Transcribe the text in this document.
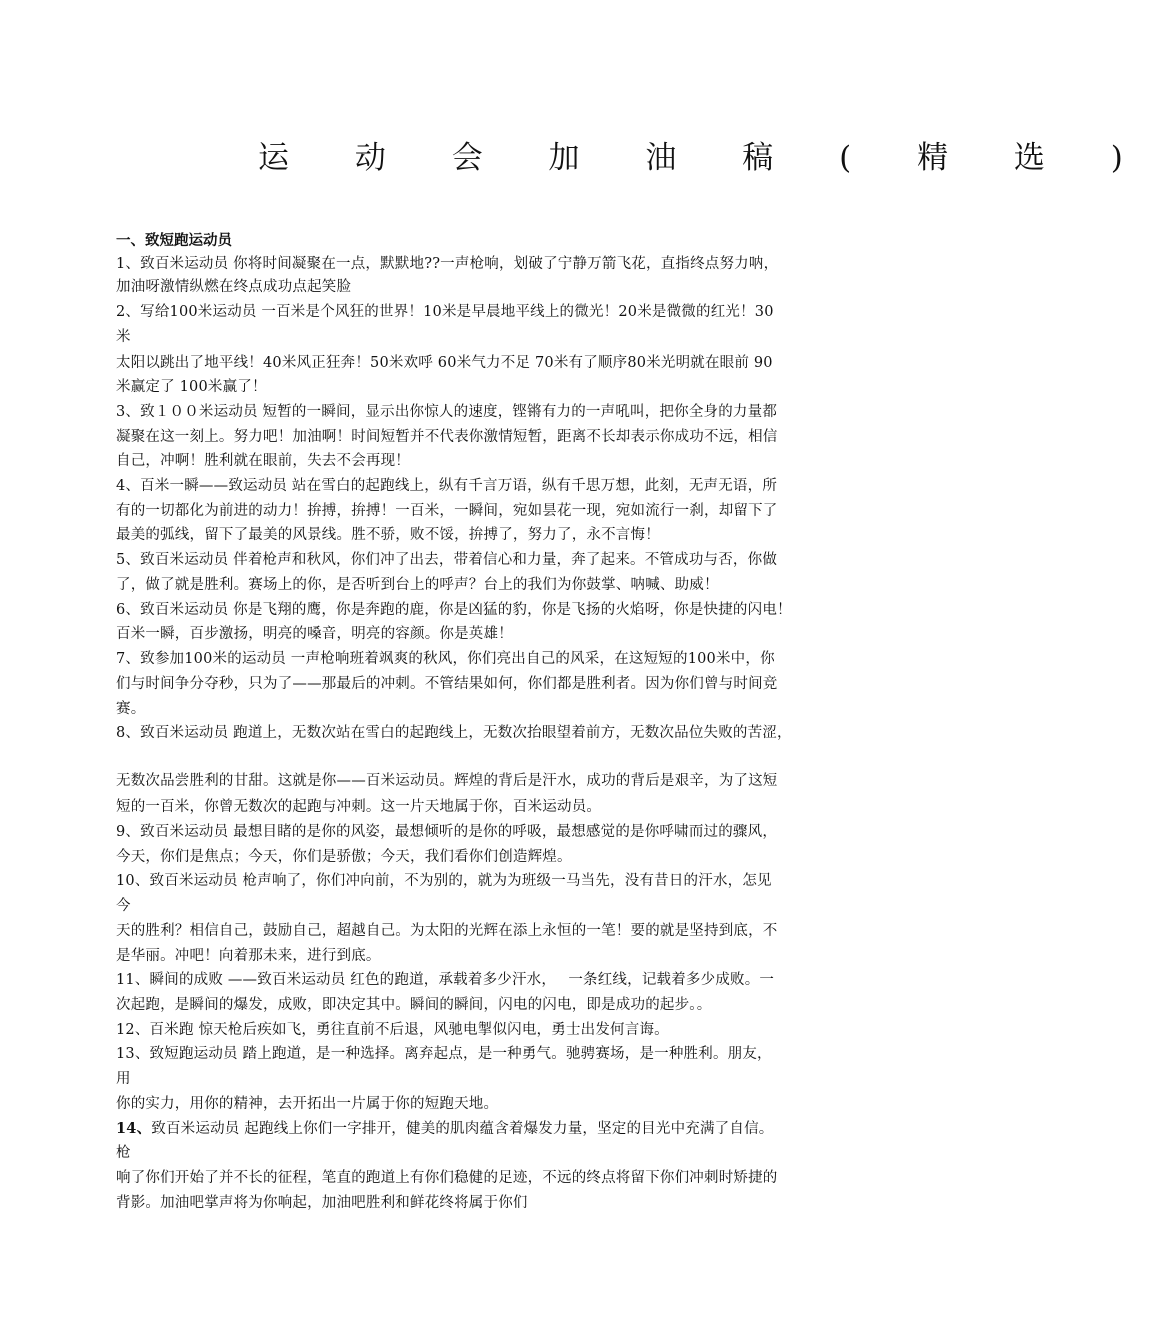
运 动 会 加 油 稿 ( 精 选 )
一、致短跑运动员
1、致百米运动员 你将时间凝聚在一点，默默地??一声枪响，划破了宁静万箭飞花，直指终点努力呐，
加油呀激情纵燃在终点成功点起笑脸
2、写给100米运动员 一百米是个风狂的世界！10米是早晨地平线上的微光！20米是微微的红光！30
米
太阳以跳出了地平线！40米风正狂奔！50米欢呼 60米气力不足 70米有了顺序80米光明就在眼前 90
米赢定了 100米赢了！
3、致１００米运动员 短暂的一瞬间，显示出你惊人的速度，铿锵有力的一声吼叫，把你全身的力量都
凝聚在这一刻上。努力吧！加油啊！时间短暂并不代表你激情短暂，距离不长却表示你成功不远，相信
自己，冲啊！胜利就在眼前，失去不会再现！
4、百米一瞬——致运动员 站在雪白的起跑线上，纵有千言万语，纵有千思万想，此刻，无声无语，所
有的一切都化为前进的动力！拚搏，拚搏！一百米，一瞬间，宛如昙花一现，宛如流行一刹，却留下了
最美的弧线，留下了最美的风景线。胜不骄，败不馁，拚搏了，努力了，永不言悔！
5、致百米运动员 伴着枪声和秋风，你们冲了出去，带着信心和力量，奔了起来。不管成功与否，你做
了，做了就是胜利。赛场上的你，是否听到台上的呼声？台上的我们为你鼓掌、呐喊、助威！
6、致百米运动员 你是飞翔的鹰，你是奔跑的鹿，你是凶猛的豹，你是飞扬的火焰呀，你是快捷的闪电！
百米一瞬，百步激扬，明亮的嗓音，明亮的容颜。你是英雄！
7、致参加100米的运动员 一声枪响班着飒爽的秋风，你们亮出自己的风采，在这短短的100米中，你
们与时间争分夺秒，只为了——那最后的冲刺。不管结果如何，你们都是胜利者。因为你们曾与时间竞
赛。
8、致百米运动员 跑道上，无数次站在雪白的起跑线上，无数次抬眼望着前方，无数次品位失败的苦涩，
无数次品尝胜利的甘甜。这就是你——百米运动员。辉煌的背后是汗水，成功的背后是艰辛，为了这短
短的一百米，你曾无数次的起跑与冲刺。这一片天地属于你，百米运动员。
9、致百米运动员 最想目睹的是你的风姿，最想倾听的是你的呼吸，最想感觉的是你呼啸而过的骤风，
今天，你们是焦点；今天，你们是骄傲；今天，我们看你们创造辉煌。
10、致百米运动员 枪声响了，你们冲向前，不为别的，就为为班级一马当先，没有昔日的汗水，怎见
今
天的胜利？相信自己，鼓励自己，超越自己。为太阳的光辉在添上永恒的一笔！要的就是坚持到底，不
是华丽。冲吧！向着那未来，进行到底。
11、瞬间的成败 ——致百米运动员 红色的跑道，承载着多少汗水，　 一条红线，记载着多少成败。一
次起跑，是瞬间的爆发，成败，即决定其中。瞬间的瞬间，闪电的闪电，即是成功的起步。。
12、百米跑 惊天枪后疾如飞，勇往直前不后退，风驰电掣似闪电，勇士出发何言诲。
13、致短跑运动员 踏上跑道，是一种选择。离弃起点，是一种勇气。驰骋赛场，是一种胜利。朋友，
用
你的实力，用你的精神，去开拓出一片属于你的短跑天地。
14、致百米运动员 起跑线上你们一字排开，健美的肌肉蕴含着爆发力量，坚定的目光中充满了自信。
枪
响了你们开始了并不长的征程，笔直的跑道上有你们稳健的足迹，不远的终点将留下你们冲刺时矫捷的
背影。加油吧掌声将为你响起，加油吧胜利和鲜花终将属于你们
